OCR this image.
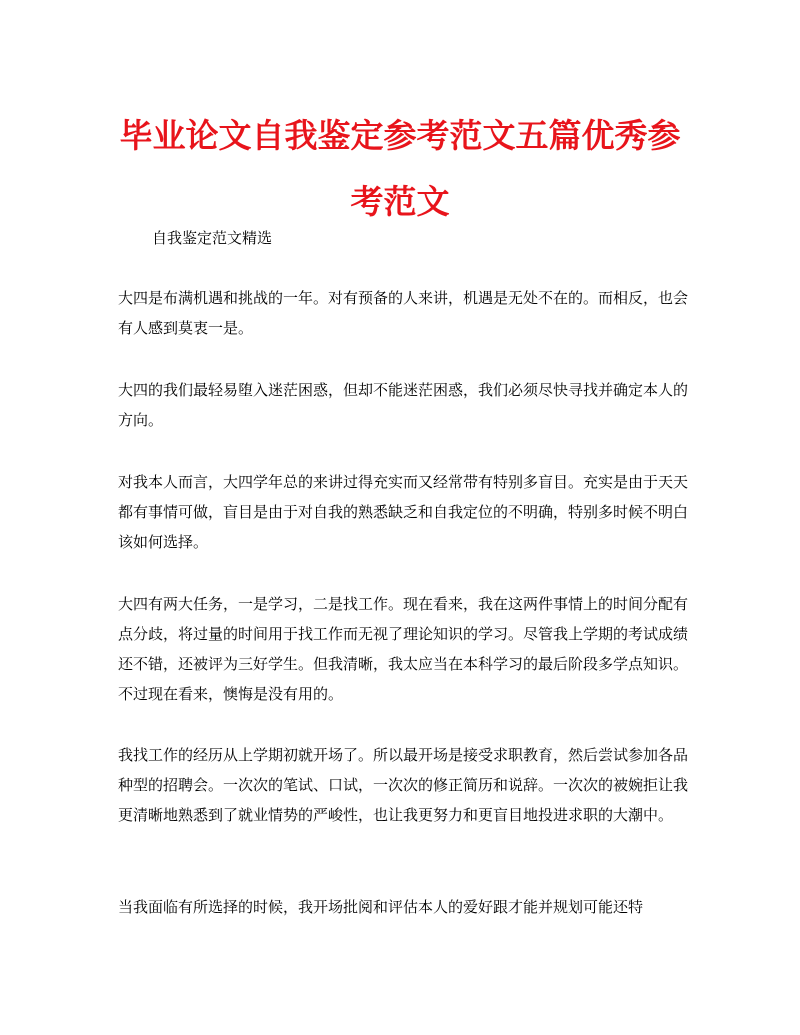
毕业论文自我鉴定参考范文五篇优秀参考范文

自我鉴定范文精选

大四是布满机遇和挑战的一年。对有预备的人来讲，机遇是无处不在的。而相反，也会有人感到莫衷一是。

大四的我们最轻易堕入迷茫困惑，但却不能迷茫困惑，我们必须尽快寻找并确定本人的方向。

对我本人而言，大四学年总的来讲过得充实而又经常带有特别多盲目。充实是由于天天都有事情可做，盲目是由于对自我的熟悉缺乏和自我定位的不明确，特别多时候不明白该如何选择。

大四有两大任务，一是学习，二是找工作。现在看来，我在这两件事情上的时间分配有点分歧，将过量的时间用于找工作而无视了理论知识的学习。尽管我上学期的考试成绩还不错，还被评为三好学生。但我清晰，我太应当在本科学习的最后阶段多学点知识。不过现在看来，懊悔是没有用的。

我找工作的经历从上学期初就开场了。所以最开场是接受求职教育，然后尝试参加各品种型的招聘会。一次次的笔试、口试，一次次的修正简历和说辞。一次次的被婉拒让我更清晰地熟悉到了就业情势的严峻性，也让我更努力和更盲目地投进求职的大潮中。

当我面临有所选择的时候，我开场批阅和评估本人的爱好跟才能并规划可能还特
